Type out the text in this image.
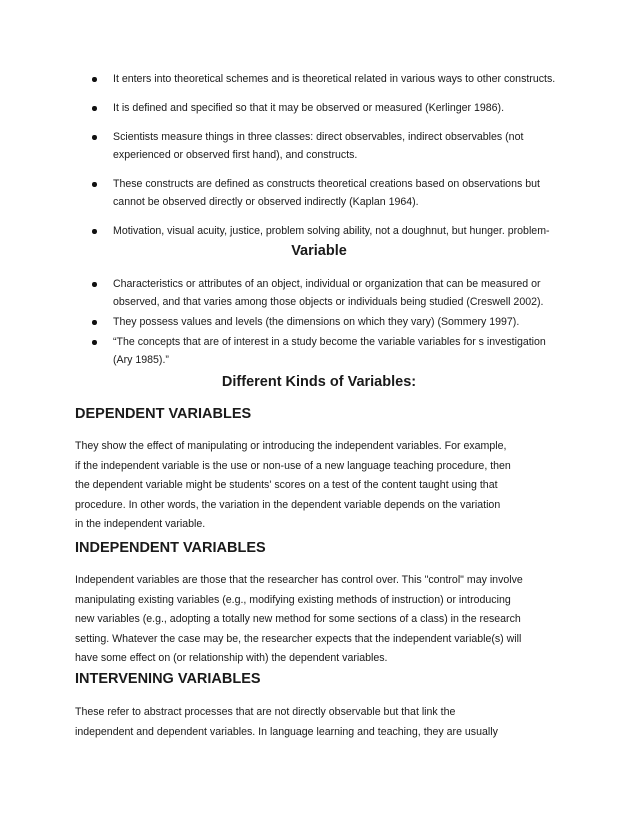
It enters into theoretical schemes and is theoretical related in various ways to other constructs.
It is defined and specified so that it may be observed or measured (Kerlinger 1986).
Scientists measure things in three classes: direct observables, indirect observables (not
experienced or observed first hand), and constructs.
These constructs are defined as constructs theoretical creations based on observations but
cannot be observed directly or observed indirectly (Kaplan 1964).
Motivation, visual acuity, justice, problem solving ability, not a doughnut, but hunger. problem-
Variable
Characteristics or attributes of an object, individual or organization that can be measured or
observed, and that varies among those objects or individuals being studied (Creswell 2002).
They possess values and levels (the dimensions on which they vary) (Sommery 1997).
“The concepts that are of interest in a study become the variable variables for s investigation
(Ary 1985).”
Different Kinds of Variables:
DEPENDENT VARIABLES

They show the effect of manipulating or introducing the independent variables. For example,
if the independent variable is the use or non-use of a new language teaching procedure, then
the dependent variable might be students' scores on a test of the content taught using that
procedure. In other words, the variation in the dependent variable depends on the variation
in the independent variable.

INDEPENDENT VARIABLES

Independent variables are those that the researcher has control over. This "control" may involve
manipulating existing variables (e.g., modifying existing methods of instruction) or introducing
new variables (e.g., adopting a totally new method for some sections of a class) in the research
setting. Whatever the case may be, the researcher expects that the independent variable(s) will
have some effect on (or relationship with) the dependent variables.

INTERVENING VARIABLES

These refer to abstract processes that are not directly observable but that link the
independent and dependent variables. In language learning and teaching, they are usually
